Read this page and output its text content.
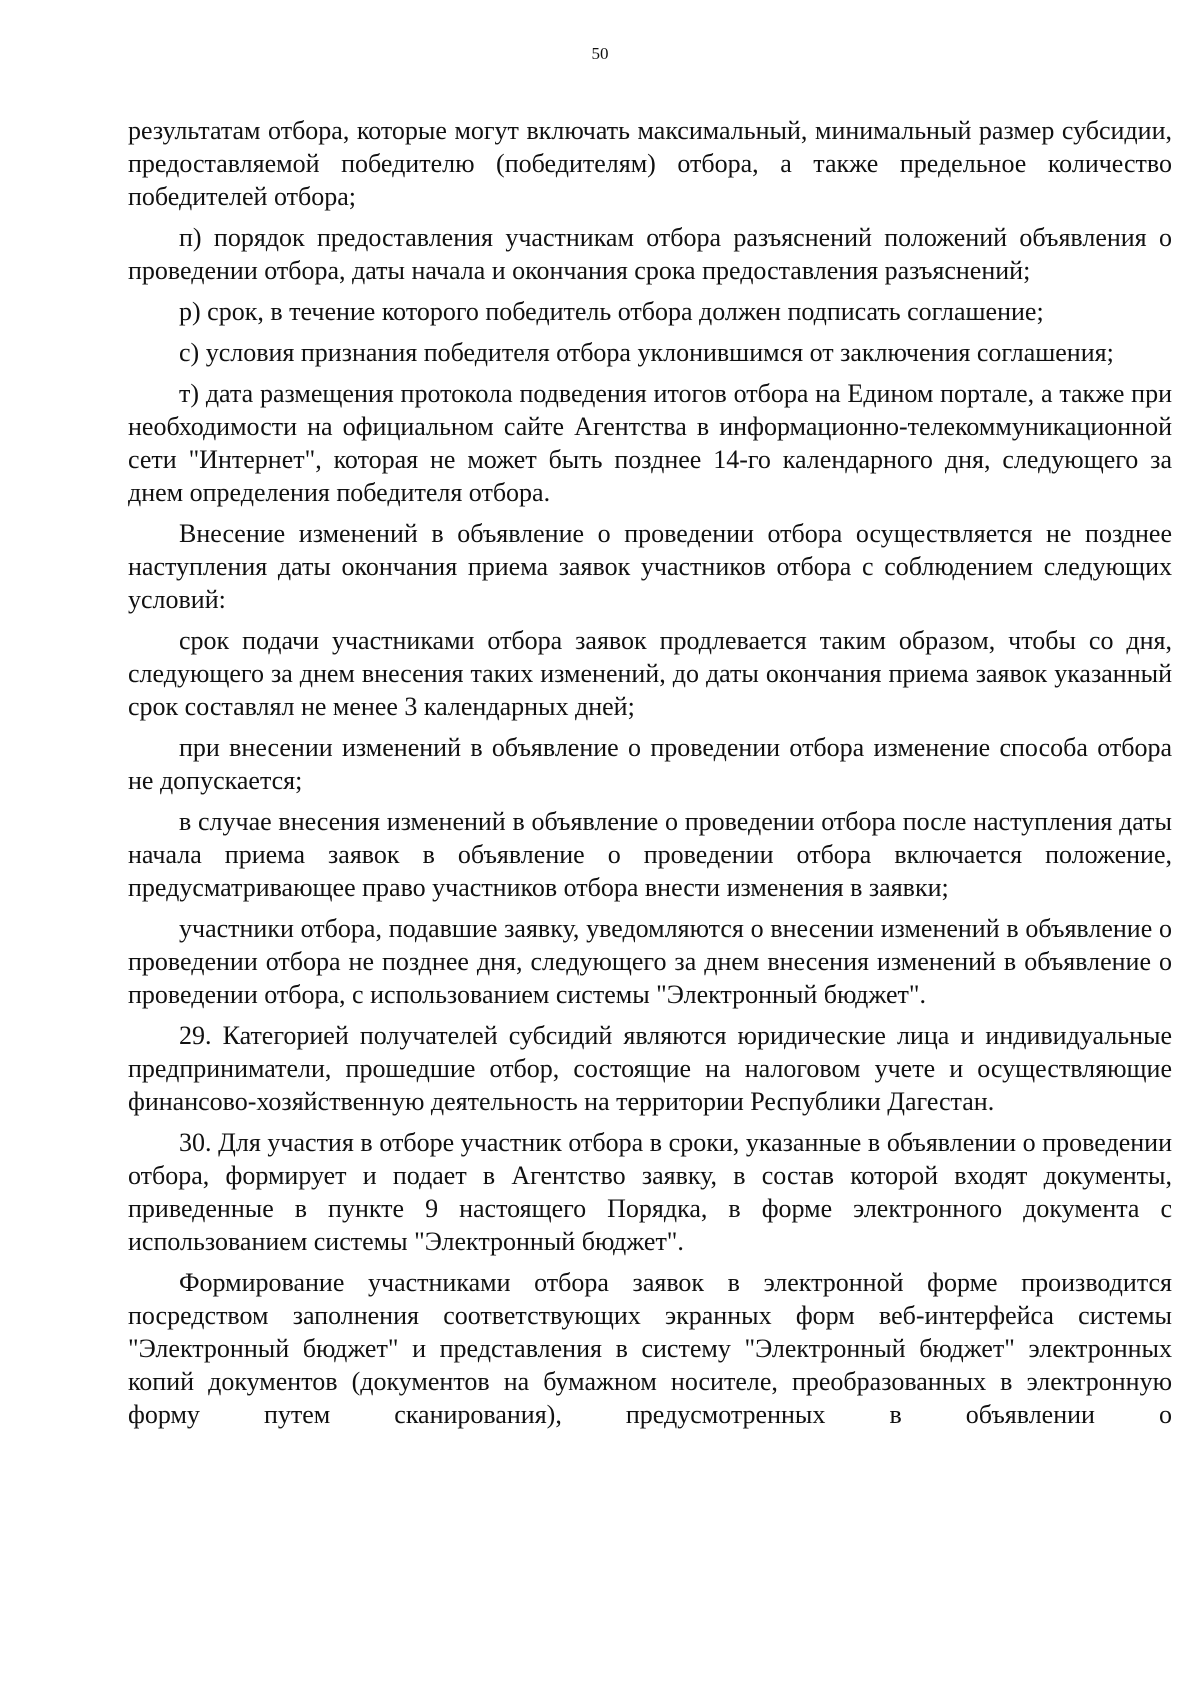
50

результатам отбора, которые могут включать максимальный, минимальный размер субсидии, предоставляемой победителю (победителям) отбора, а также предельное количество победителей отбора;

п) порядок предоставления участникам отбора разъяснений положений объявления о проведении отбора, даты начала и окончания срока предоставления разъяснений;

р) срок, в течение которого победитель отбора должен подписать соглашение;

с) условия признания победителя отбора уклонившимся от заключения соглашения;

т) дата размещения протокола подведения итогов отбора на Едином портале, а также при необходимости на официальном сайте Агентства в информационно-телекоммуникационной сети "Интернет", которая не может быть позднее 14-го календарного дня, следующего за днем определения победителя отбора.

Внесение изменений в объявление о проведении отбора осуществляется не позднее наступления даты окончания приема заявок участников отбора с соблюдением следующих условий:

срок подачи участниками отбора заявок продлевается таким образом, чтобы со дня, следующего за днем внесения таких изменений, до даты окончания приема заявок указанный срок составлял не менее 3 календарных дней;

при внесении изменений в объявление о проведении отбора изменение способа отбора не допускается;

в случае внесения изменений в объявление о проведении отбора после наступления даты начала приема заявок в объявление о проведении отбора включается положение, предусматривающее право участников отбора внести изменения в заявки;

участники отбора, подавшие заявку, уведомляются о внесении изменений в объявление о проведении отбора не позднее дня, следующего за днем внесения изменений в объявление о проведении отбора, с использованием системы "Электронный бюджет".

29. Категорией получателей субсидий являются юридические лица и индивидуальные предприниматели, прошедшие отбор, состоящие на налоговом учете и осуществляющие финансово-хозяйственную деятельность на территории Республики Дагестан.

30. Для участия в отборе участник отбора в сроки, указанные в объявлении о проведении отбора, формирует и подает в Агентство заявку, в состав которой входят документы, приведенные в пункте 9 настоящего Порядка, в форме электронного документа с использованием системы "Электронный бюджет".

Формирование участниками отбора заявок в электронной форме производится посредством заполнения соответствующих экранных форм веб-интерфейса системы "Электронный бюджет" и представления в систему "Электронный бюджет" электронных копий документов (документов на бумажном носителе, преобразованных в электронную форму путем сканирования), предусмотренных в объявлении о
